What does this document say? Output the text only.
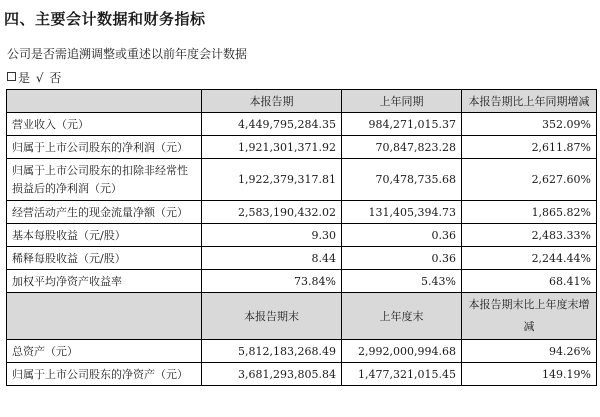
四、主要会计数据和财务指标
公司是否需追溯调整或重述以前年度会计数据
是 √ 否
	本报告期	上年同期	本报告期比上年同期增减
营业收入（元）	4,449,795,284.35	984,271,015.37	352.09%
归属于上市公司股东的净利润（元）	1,921,301,371.92	70,847,823.28	2,611.87%
归属于上市公司股东的扣除非经常性损益后的净利润（元）	1,922,379,317.81	70,478,735.68	2,627.60%
经营活动产生的现金流量净额（元）	2,583,190,432.02	131,405,394.73	1,865.82%
基本每股收益（元/股）	9.30	0.36	2,483.33%
稀释每股收益（元/股）	8.44	0.36	2,244.44%
加权平均净资产收益率	73.84%	5.43%	68.41%
	本报告期末	上年度末	本报告期末比上年度末增减
总资产（元）	5,812,183,268.49	2,992,000,994.68	94.26%
归属于上市公司股东的净资产（元）	3,681,293,805.84	1,477,321,015.45	149.19%
